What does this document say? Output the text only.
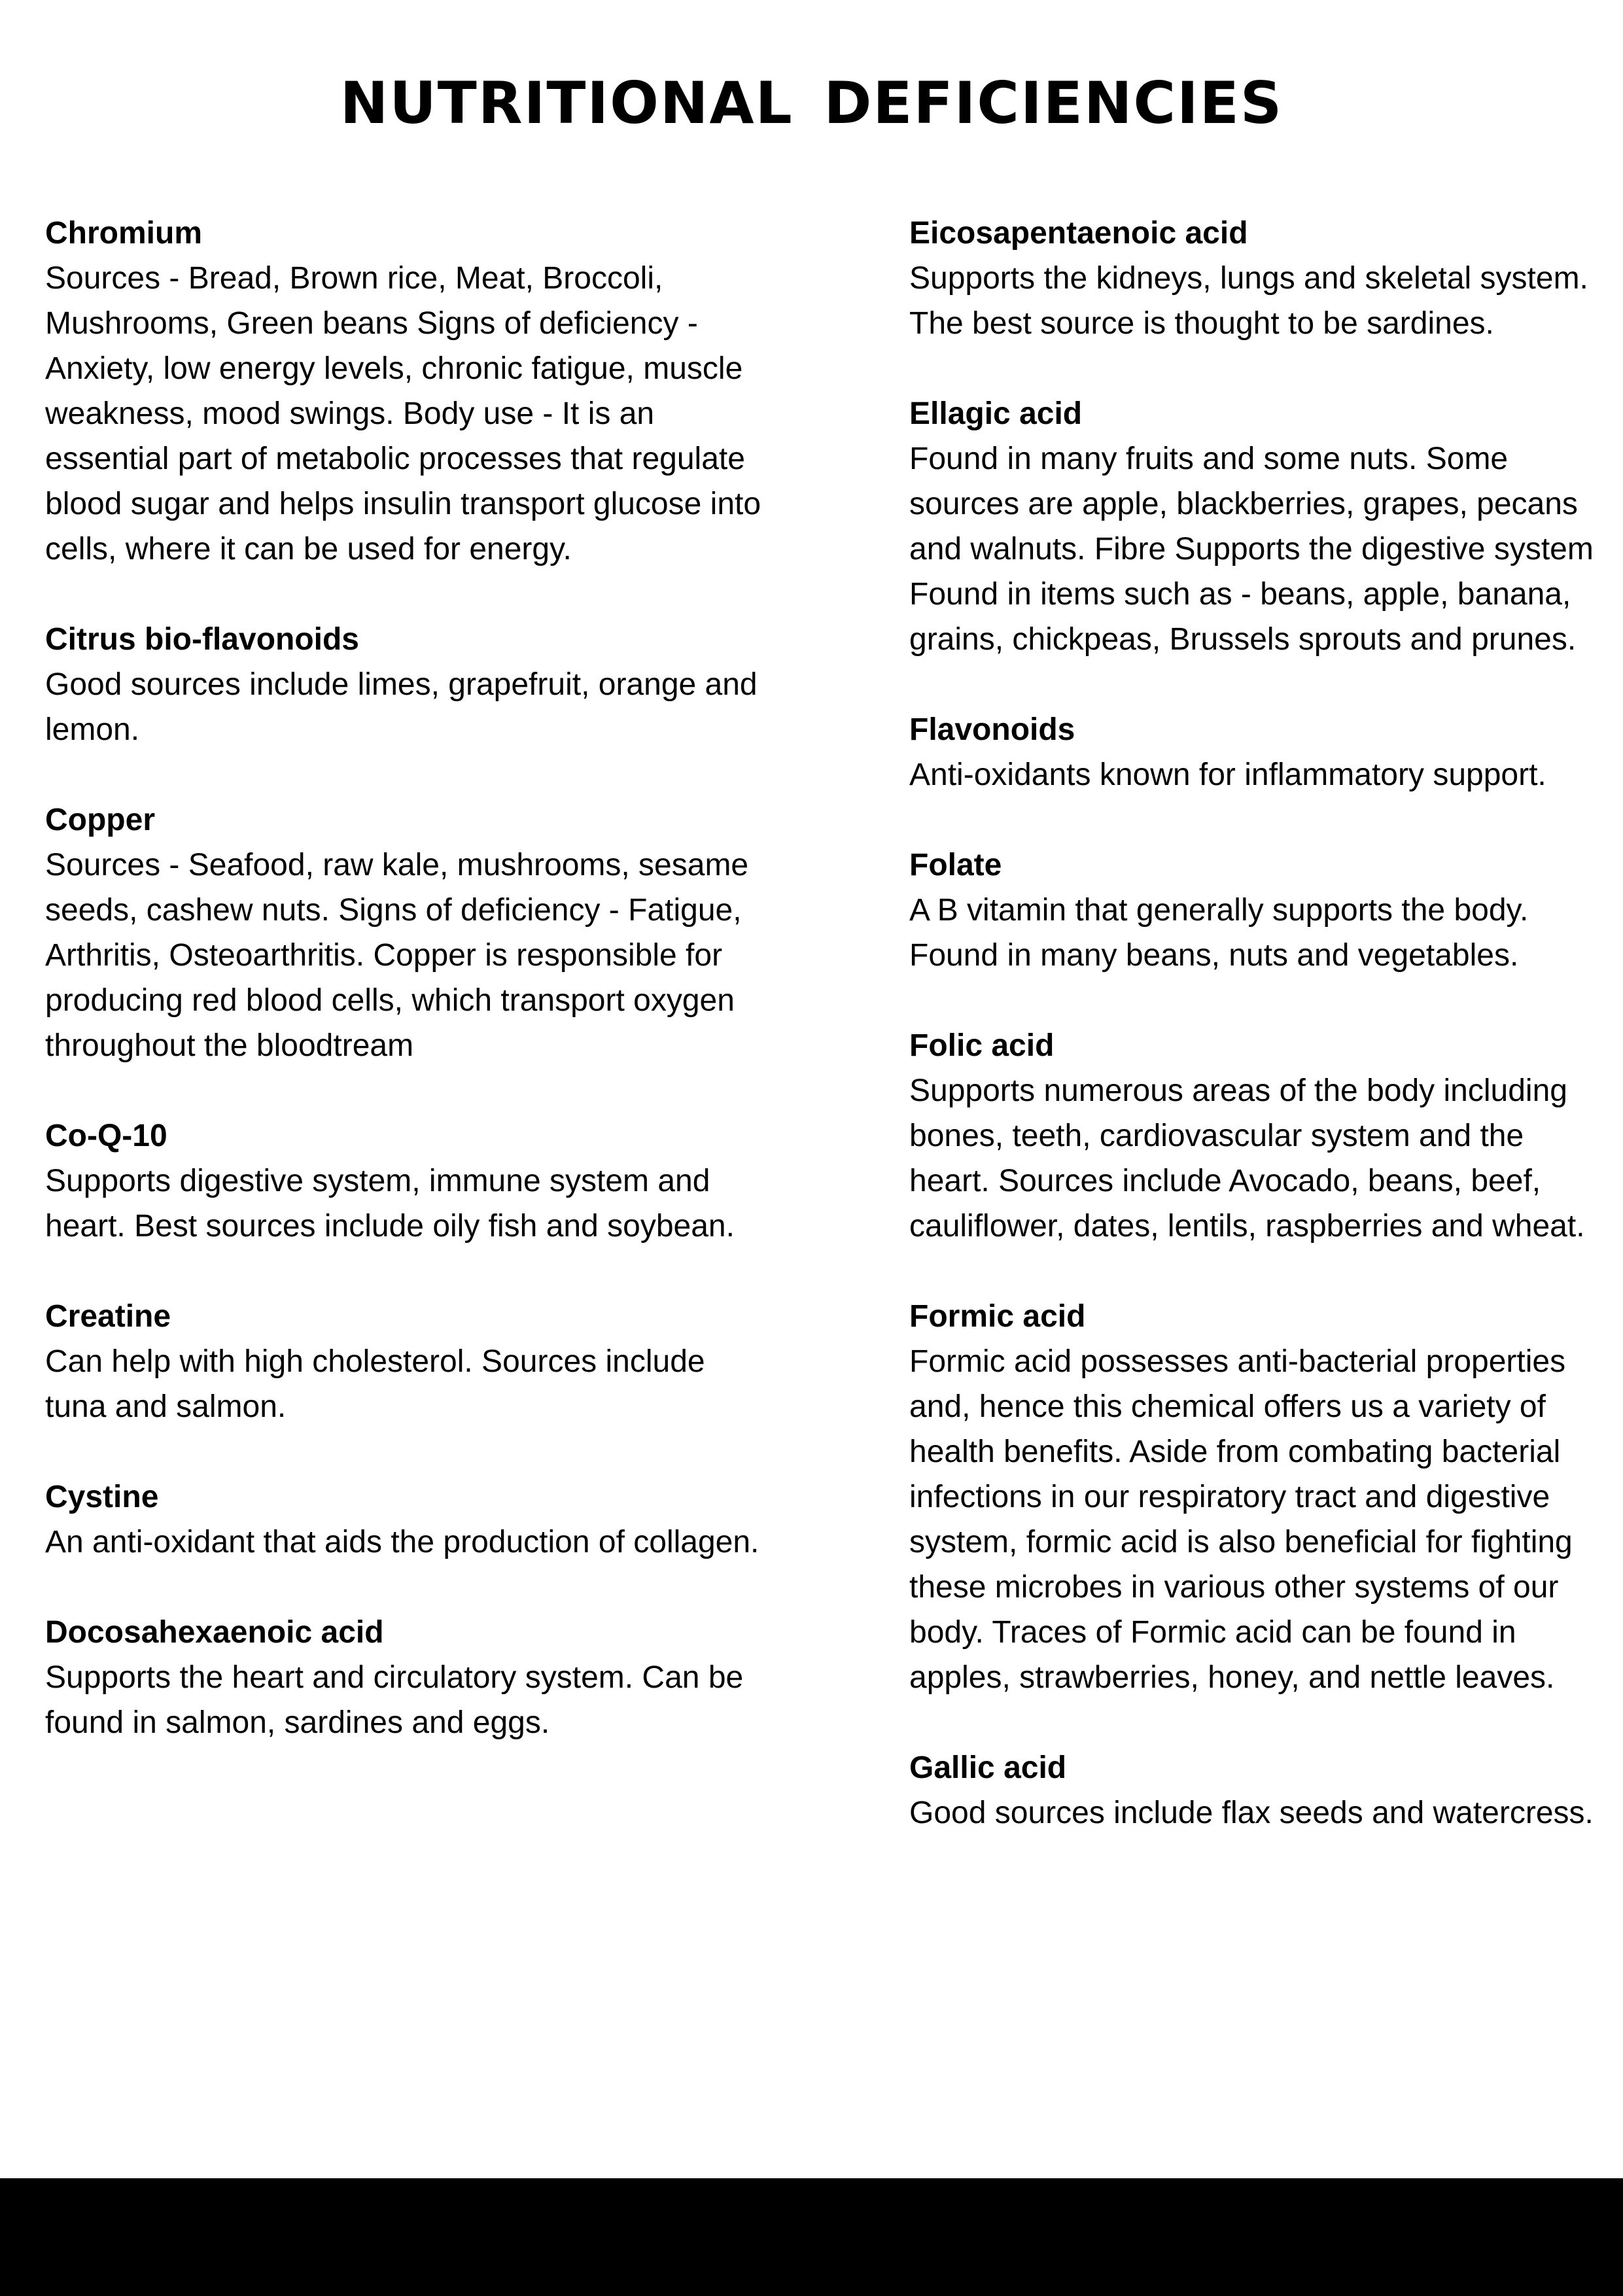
NUTRITIONAL DEFICIENCIES

Chromium

Sources - Bread, Brown rice, Meat, Broccoli, Mushrooms, Green beans Signs of deficiency - Anxiety, low energy levels, chronic fatigue, muscle weakness, mood swings. Body use - It is an essential part of metabolic processes that regulate blood sugar and helps insulin transport glucose into cells, where it can be used for energy.

Citrus bio-flavonoids

Good sources include limes, grapefruit, orange and lemon.

Copper

Sources - Seafood, raw kale, mushrooms, sesame seeds, cashew nuts. Signs of deficiency - Fatigue, Arthritis, Osteoarthritis. Copper is responsible for producing red blood cells, which transport oxygen throughout the bloodtream

Co-Q-10

Supports digestive system, immune system and heart. Best sources include oily fish and soybean.

Creatine

Can help with high cholesterol. Sources include tuna and salmon.

Cystine

An anti-oxidant that aids the production of collagen.

Docosahexaenoic acid

Supports the heart and circulatory system. Can be found in salmon, sardines and eggs.

Eicosapentaenoic acid

Supports the kidneys, lungs and skeletal system. The best source is thought to be sardines.

Ellagic acid

Found in many fruits and some nuts. Some sources are apple, blackberries, grapes, pecans and walnuts. Fibre Supports the digestive system Found in items such as - beans, apple, banana, grains, chickpeas, Brussels sprouts and prunes.

Flavonoids

Anti-oxidants known for inflammatory support.

Folate

A B vitamin that generally supports the body. Found in many beans, nuts and vegetables.

Folic acid

Supports numerous areas of the body including bones, teeth, cardiovascular system and the heart. Sources include Avocado, beans, beef, cauliflower, dates, lentils, raspberries and wheat.

Formic acid

Formic acid possesses anti-bacterial properties and, hence this chemical offers us a variety of health benefits. Aside from combating bacterial infections in our respiratory tract and digestive system, formic acid is also beneficial for fighting these microbes in various other systems of our body. Traces of Formic acid can be found in apples, strawberries, honey, and nettle leaves.

Gallic acid

Good sources include flax seeds and watercress.
